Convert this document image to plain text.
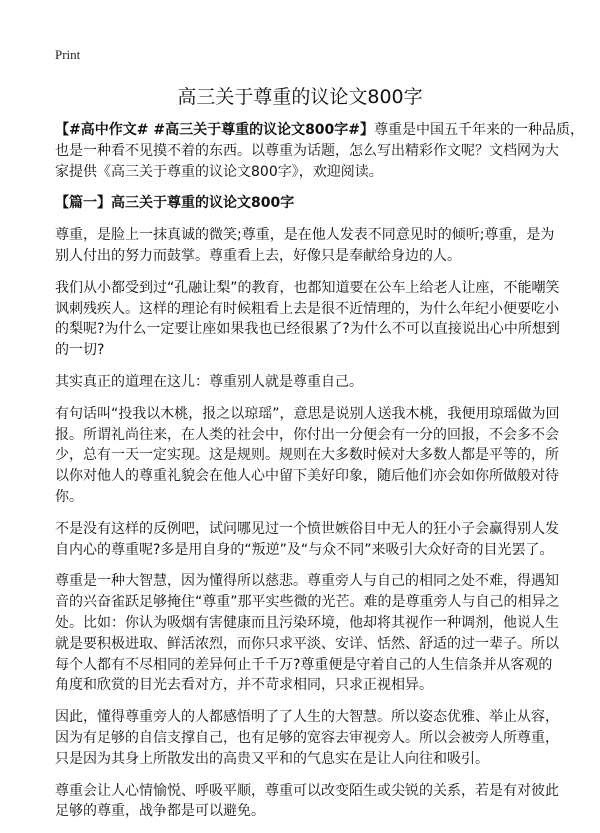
Print
高三关于尊重的议论文800字
【#高中作文# #高三关于尊重的议论文800字#】尊重是中国五千年来的一种品质，
也是一种看不见摸不着的东西。以尊重为话题，怎么写出精彩作文呢？文档网为大
家提供《高三关于尊重的议论文800字》，欢迎阅读。
【篇一】高三关于尊重的议论文800字
尊重，是脸上一抹真诚的微笑;尊重，是在他人发表不同意见时的倾听;尊重，是为
别人付出的努力而鼓掌。尊重看上去，好像只是奉献给身边的人。
我们从小都受到过“孔融让梨”的教育，也都知道要在公车上给老人让座，不能嘲笑
讽刺残疾人。这样的理论有时候粗看上去是很不近情理的，为什么年纪小便要吃小
的梨呢?为什么一定要让座如果我也已经很累了?为什么不可以直接说出心中所想到
的一切?
其实真正的道理在这儿：尊重别人就是尊重自己。
有句话叫“投我以木桃，报之以琼瑶”，意思是说别人送我木桃，我便用琼瑶做为回
报。所谓礼尚往来，在人类的社会中，你付出一分便会有一分的回报，不会多不会
少，总有一天一定实现。这是规则。规则在大多数时候对大多数人都是平等的，所
以你对他人的尊重礼貌会在他人心中留下美好印象，随后他们亦会如你所做般对待
你。
不是没有这样的反例吧，试问哪见过一个愤世嫉俗目中无人的狂小子会赢得别人发
自内心的尊重呢?多是用自身的“叛逆”及“与众不同”来吸引大众好奇的目光罢了。
尊重是一种大智慧，因为懂得所以慈悲。尊重旁人与自己的相同之处不难，得遇知
音的兴奋雀跃足够掩住“尊重”那平实些微的光芒。难的是尊重旁人与自己的相异之
处。比如：你认为吸烟有害健康而且污染环境，他却将其视作一种调剂，他说人生
就是要积极进取、鲜活浓烈，而你只求平淡、安详、恬然、舒适的过一辈子。所以
每个人都有不尽相同的差异何止千千万?尊重便是守着自己的人生信条并从客观的
角度和欣赏的目光去看对方，并不苛求相同，只求正视相异。
因此，懂得尊重旁人的人都感悟明了了人生的大智慧。所以姿态优雅、举止从容，
因为有足够的自信支撑自己，也有足够的宽容去审视旁人。所以会被旁人所尊重，
只是因为其身上所散发出的高贵又平和的气息实在是让人向往和吸引。
尊重会让人心情愉悦、呼吸平顺，尊重可以改变陌生或尖锐的关系，若是有对彼此
足够的尊重，战争都是可以避免。
